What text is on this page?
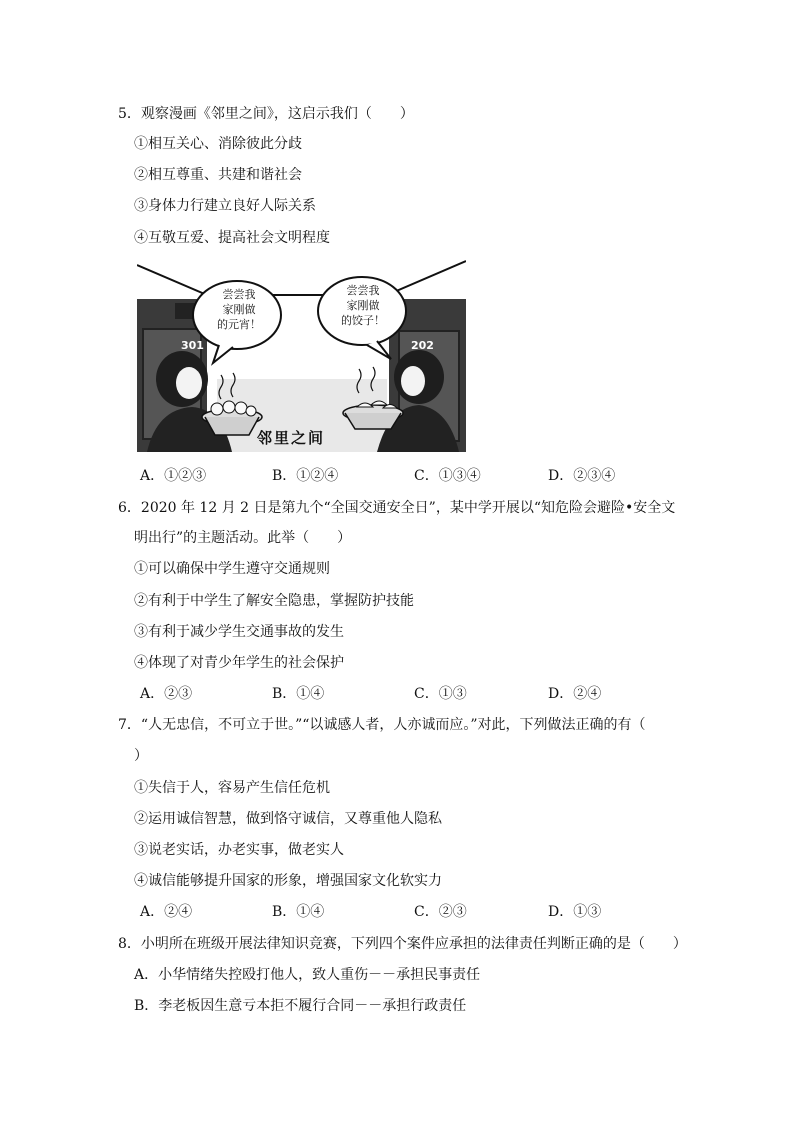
5．观察漫画《邻里之间》，这启示我们（　　）
①相互关心、消除彼此分歧
②相互尊重、共建和谐社会
③身体力行建立良好人际关系
④互敬互爱、提高社会文明程度
301	202
尝尝我
家刚做
的元宵！
尝尝我
家刚做
的饺子！
邻里之间
A．①②③	B．①②④	C．①③④	D．②③④
6．2020 年 12 月 2 日是第九个“全国交通安全日”，某中学开展以“知危险会避险•安全文
明出行”的主题活动。此举（　　）
①可以确保中学生遵守交通规则
②有利于中学生了解安全隐患，掌握防护技能
③有利于减少学生交通事故的发生
④体现了对青少年学生的社会保护
A．②③	B．①④	C．①③	D．②④
7．“人无忠信，不可立于世。”“以诚感人者，人亦诚而应。”对此，下列做法正确的有（
）
①失信于人，容易产生信任危机
②运用诚信智慧，做到恪守诚信，又尊重他人隐私
③说老实话，办老实事，做老实人
④诚信能够提升国家的形象，增强国家文化软实力
A．②④	B．①④	C．②③	D．①③
8．小明所在班级开展法律知识竞赛，下列四个案件应承担的法律责任判断正确的是（　　）
A．小华情绪失控殴打他人，致人重伤－－承担民事责任
B．李老板因生意亏本拒不履行合同－－承担行政责任
